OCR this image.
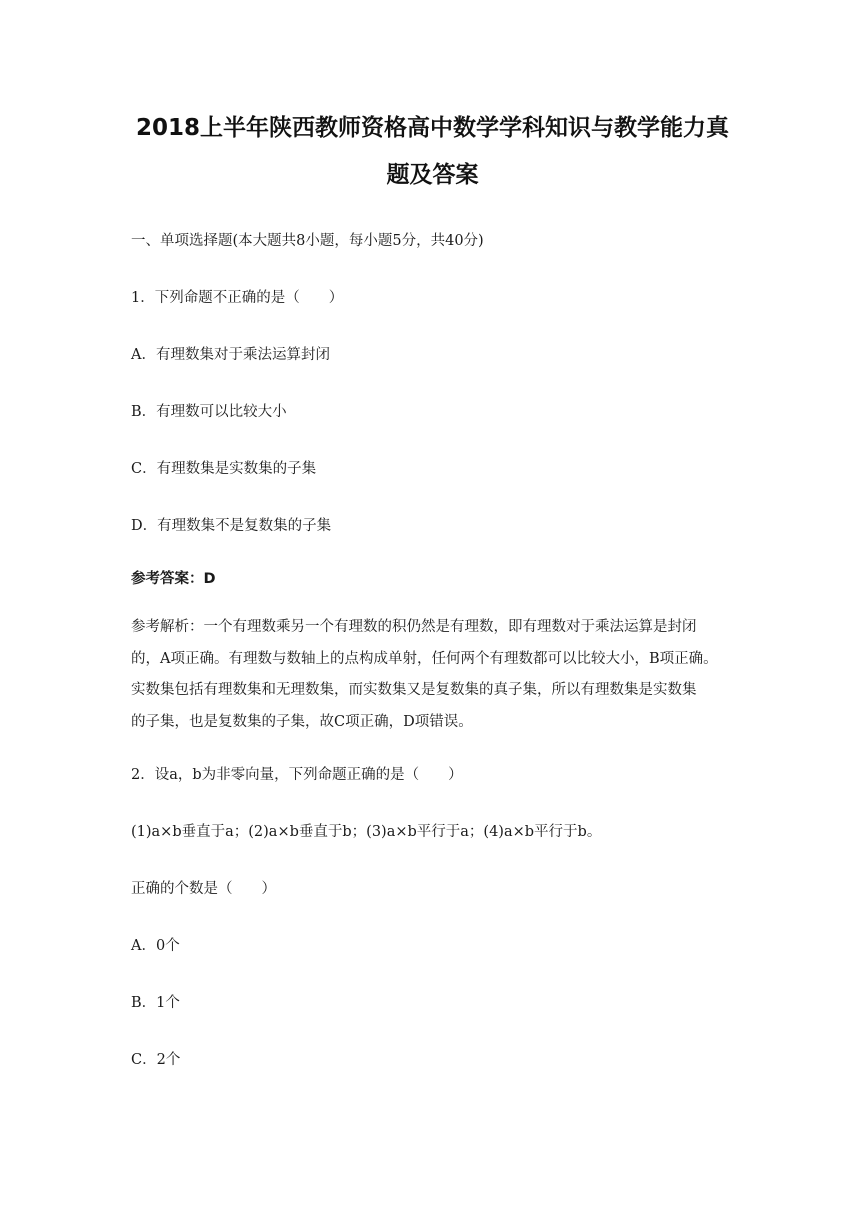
2018上半年陕西教师资格高中数学学科知识与教学能力真
题及答案
一、单项选择题(本大题共8小题，每小题5分，共40分)
1．下列命题不正确的是（　　）
A．有理数集对于乘法运算封闭
B．有理数可以比较大小
C．有理数集是实数集的子集
D．有理数集不是复数集的子集
参考答案：D
参考解析：一个有理数乘另一个有理数的积仍然是有理数，即有理数对于乘法运算是封闭
的，A项正确。有理数与数轴上的点构成单射，任何两个有理数都可以比较大小，B项正确。
实数集包括有理数集和无理数集，而实数集又是复数集的真子集，所以有理数集是实数集
的子集，也是复数集的子集，故C项正确，D项错误。
2．设a，b为非零向量，下列命题正确的是（　　）
(1)a×b垂直于a；(2)a×b垂直于b；(3)a×b平行于a；(4)a×b平行于b。
正确的个数是（　　）
A．0个
B．1个
C．2个
